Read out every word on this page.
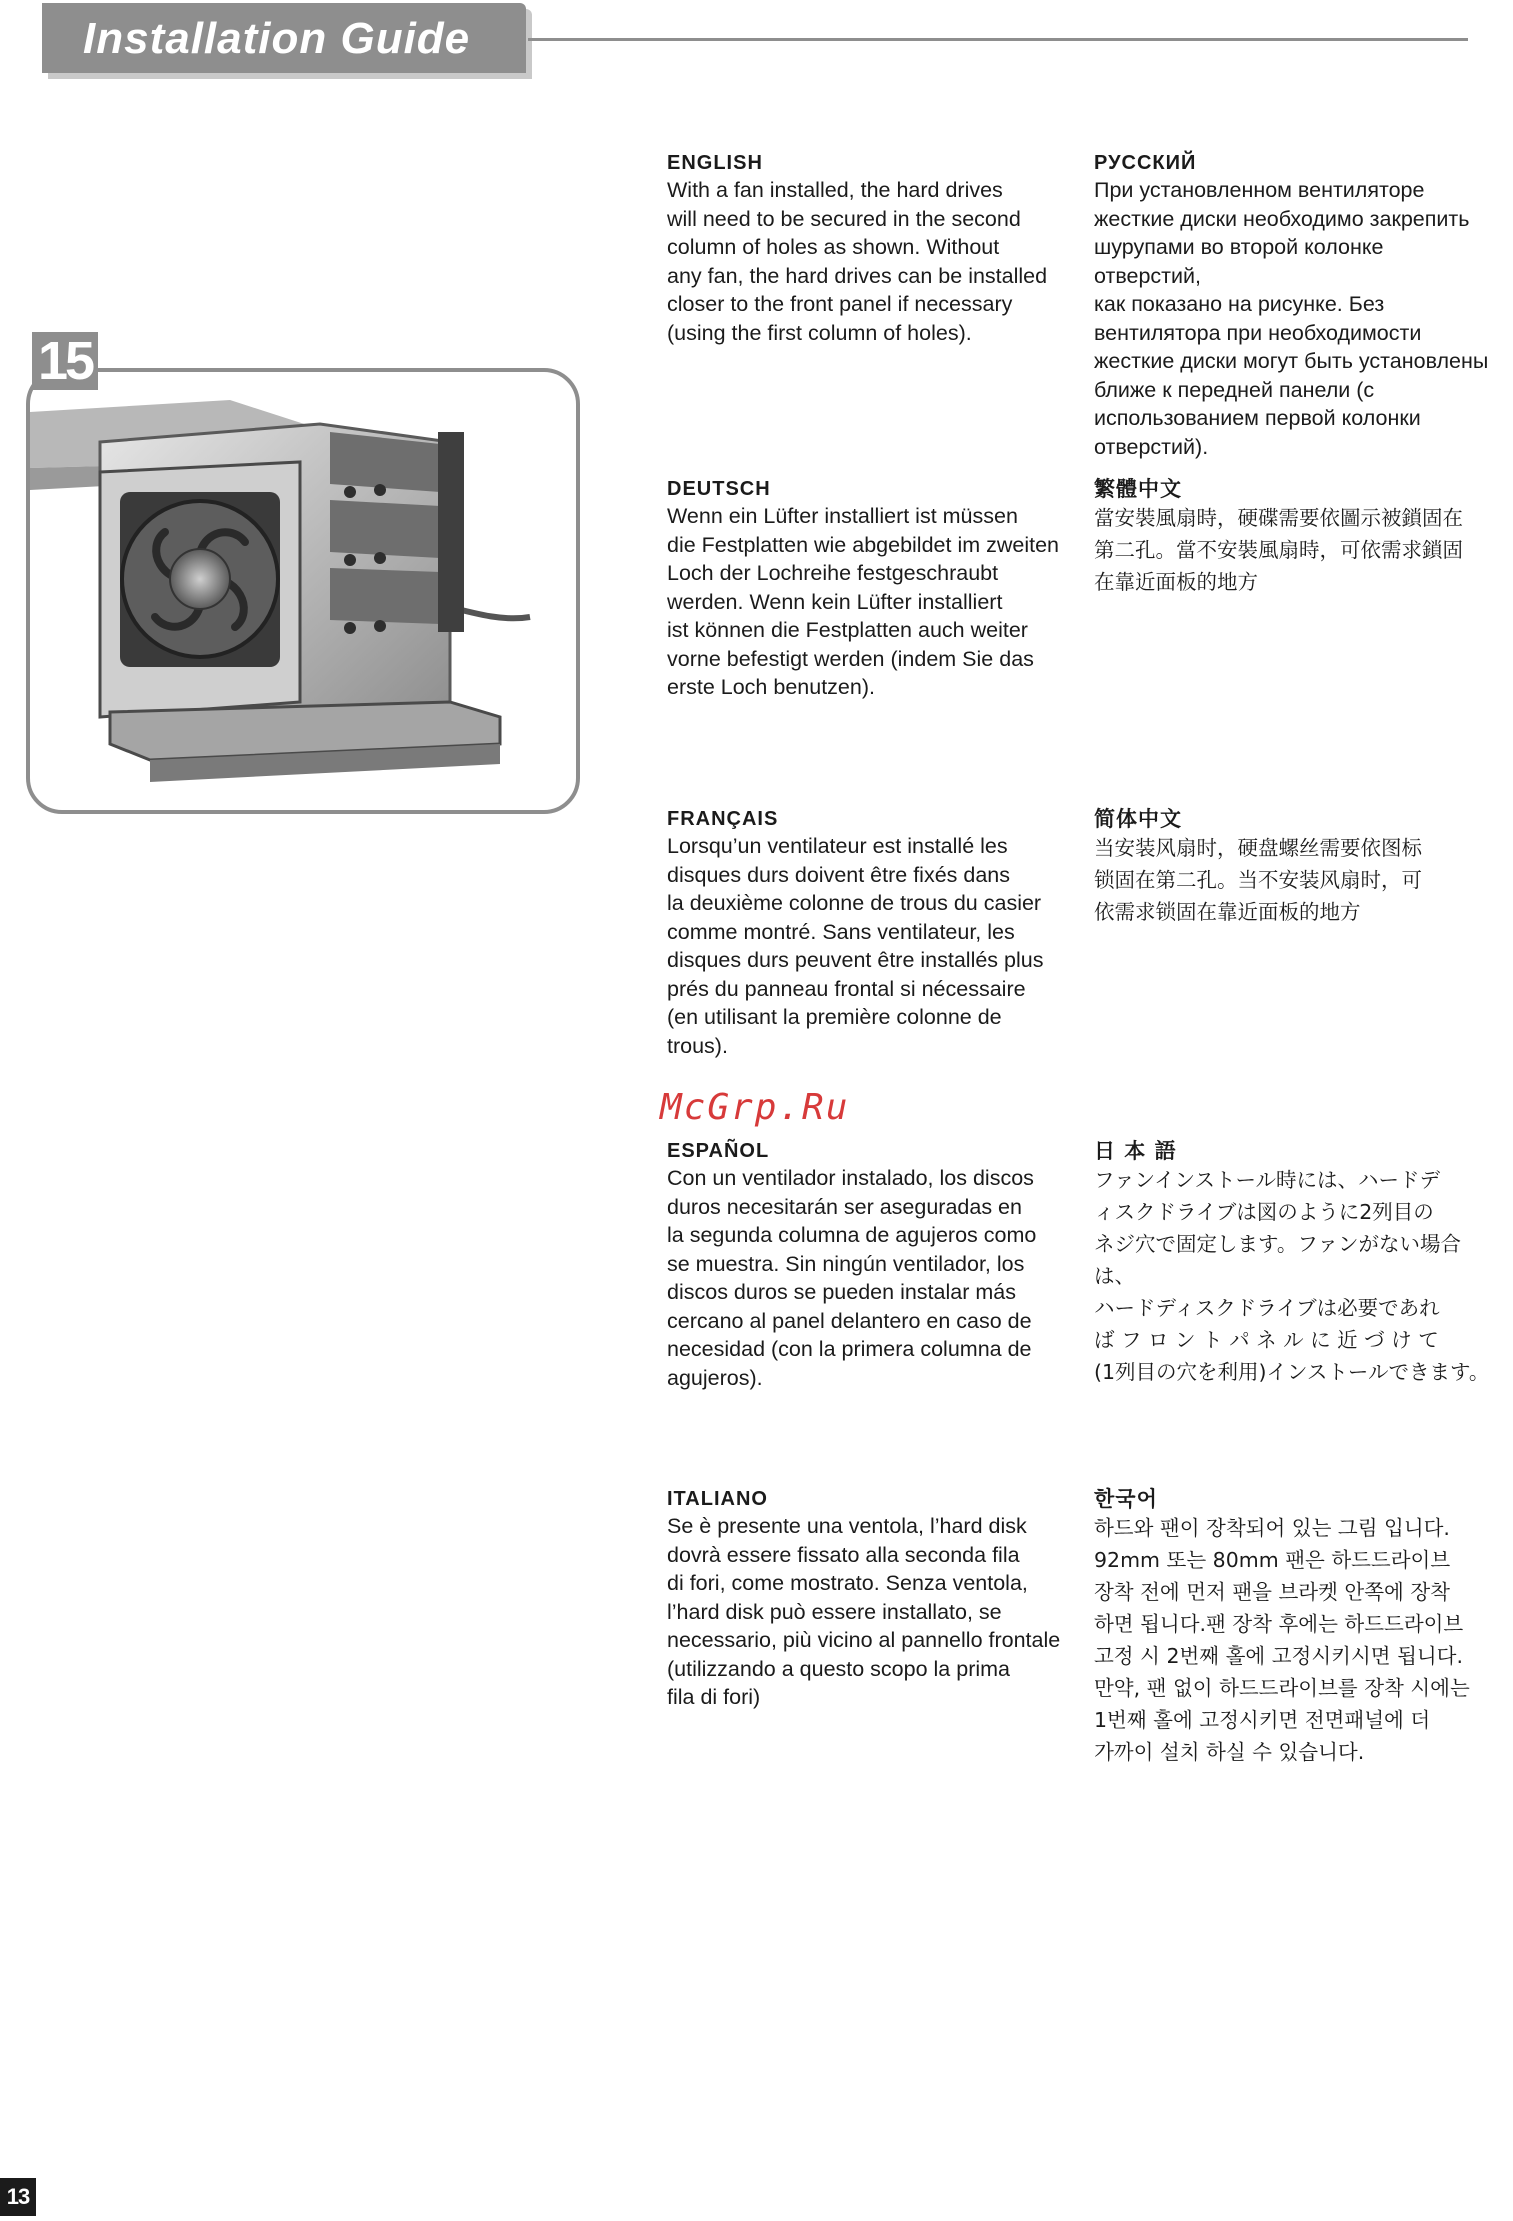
Installation Guide
15
ENGLISH
With a fan installed, the hard drives
will need to be secured in the second
column of holes as shown. Without
any fan, the hard drives can be installed
closer to the front panel if necessary
(using the first column of holes).
РУССКИЙ
При установленном вентиляторе
жесткие диски необходимо закрепить
шурупами во второй колонке отверстий,
как показано на рисунке. Без
вентилятора при необходимости
жесткие диски могут быть установлены
ближе к передней панели (с
использованием первой колонки
отверстий).
DEUTSCH
Wenn ein Lüfter installiert ist müssen
die Festplatten wie abgebildet im zweiten
Loch der Lochreihe festgeschraubt
werden. Wenn kein Lüfter installiert
ist können die Festplatten auch weiter
vorne befestigt werden (indem Sie das
erste Loch benutzen).
繁體中文
當安裝風扇時，硬碟需要依圖示被鎖固在
第二孔。當不安裝風扇時，可依需求鎖固
在靠近面板的地方
FRANÇAIS
Lorsqu’un ventilateur est installé les
disques durs doivent être fixés dans
la deuxième colonne de trous du casier
comme montré. Sans ventilateur, les
disques durs peuvent être installés plus
prés du panneau frontal si nécessaire
(en utilisant la première colonne de trous).
简体中文
当安装风扇时，硬盘螺丝需要依图标
锁固在第二孔。当不安装风扇时，可
依需求锁固在靠近面板的地方
McGrp.Ru
ESPAÑOL
Con un ventilador instalado, los discos
duros necesitarán ser aseguradas en
la segunda columna de agujeros como
se muestra. Sin ningún ventilador, los
discos duros se pueden instalar más
cercano al panel delantero en caso de
necesidad (con la primera columna de
agujeros).
日 本 語
ファンインストール時には、ハードデ
ィスクドライブは図のように2列目の
ネジ穴で固定します。ファンがない場合は、
ハードディスクドライブは必要であれ
ば フ ロ ン ト パ ネ ル に 近 づ け て
(1列目の穴を利用)インストールできます。
ITALIANO
Se è presente una ventola, l’hard disk
dovrà essere fissato alla seconda fila
di fori, come mostrato. Senza ventola,
l’hard disk può essere installato, se
necessario, più vicino al pannello frontale
(utilizzando a questo scopo la prima
fila di fori)
한국어
하드와 팬이 장착되어 있는 그림 입니다.
92mm 또는 80mm 팬은 하드드라이브
장착 전에 먼저 팬을 브라켓 안쪽에 장착
하면 됩니다.팬 장착 후에는 하드드라이브
고정 시 2번째 홀에 고정시키시면 됩니다.
만약, 팬 없이 하드드라이브를 장착 시에는
1번째 홀에 고정시키면 전면패널에 더
가까이 설치 하실 수 있습니다.
13
